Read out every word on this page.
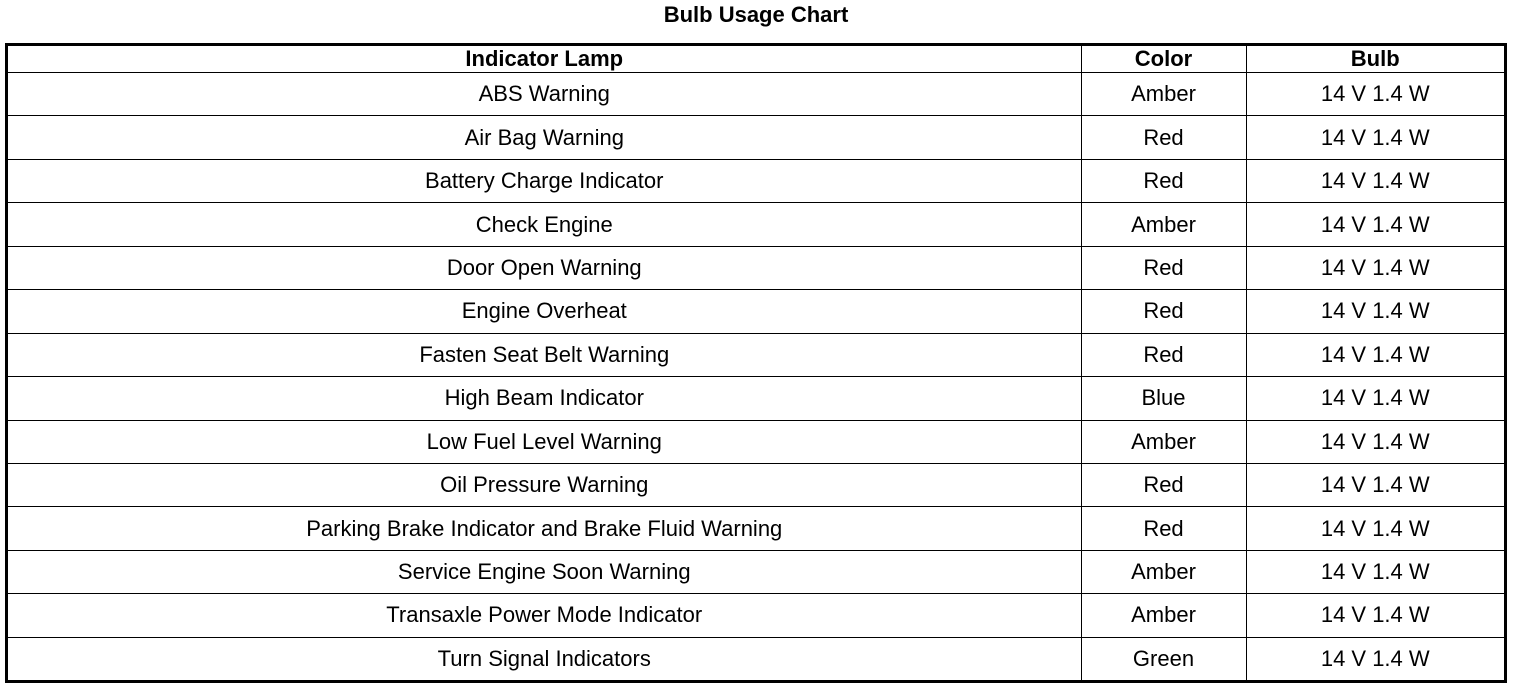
Bulb Usage Chart
Indicator Lamp	Color	Bulb
ABS Warning	Amber	14 V 1.4 W
Air Bag Warning	Red	14 V 1.4 W
Battery Charge Indicator	Red	14 V 1.4 W
Check Engine	Amber	14 V 1.4 W
Door Open Warning	Red	14 V 1.4 W
Engine Overheat	Red	14 V 1.4 W
Fasten Seat Belt Warning	Red	14 V 1.4 W
High Beam Indicator	Blue	14 V 1.4 W
Low Fuel Level Warning	Amber	14 V 1.4 W
Oil Pressure Warning	Red	14 V 1.4 W
Parking Brake Indicator and Brake Fluid Warning	Red	14 V 1.4 W
Service Engine Soon Warning	Amber	14 V 1.4 W
Transaxle Power Mode Indicator	Amber	14 V 1.4 W
Turn Signal Indicators	Green	14 V 1.4 W
